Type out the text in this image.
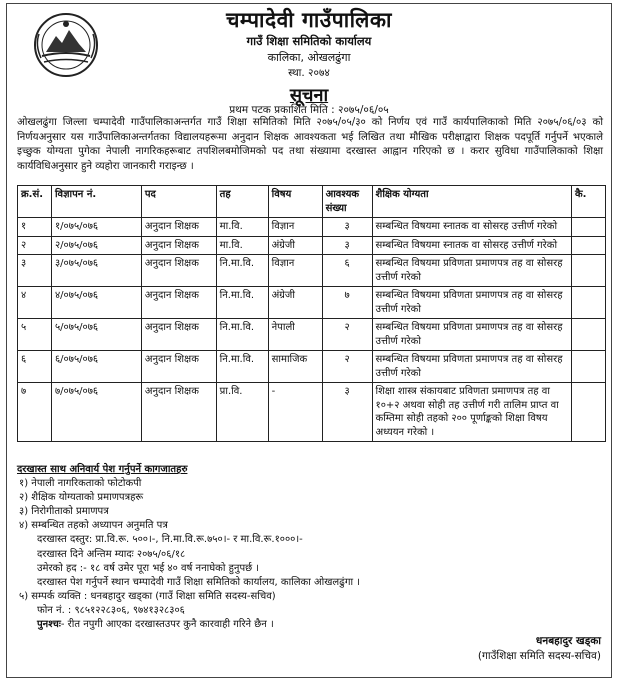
चम्पादेवी गाउँपालिका
गाउँ शिक्षा समितिको कार्यालय
कालिका, ओखलढुंगा
स्था. २०७४
सूचना
प्रथम पटक प्रकाशित मिति : २०७५/०६/०५
ओखलढुंगा जिल्ला चम्पादेवी गाउँपालिकाअन्तर्गत गाउँ शिक्षा समितिको मिति २०७५/०५/३० को निर्णय एवं गाउँ कार्यपालिकाको मिति २०७५/०६/०३ को निर्णयअनुसार यस गाउँपालिकाअन्तर्गतका विद्यालयहरूमा अनुदान शिक्षक आवश्यकता भई लिखित तथा मौखिक परीक्षाद्वारा शिक्षक पदपूर्ति गर्नुपर्ने भएकाले इच्छुक योग्यता पुगेका नेपाली नागरिकहरूबाट तपशिलबमोजिमको पद तथा संख्यामा दरखास्त आह्वान गरिएको छ । करार सुविधा गाउँपालिकाको शिक्षा कार्यविधिअनुसार हुने व्यहोरा जानकारी गराइन्छ ।
क्र.सं.	विज्ञापन नं.	पद	तह	विषय	आवश्यक संख्या	शैक्षिक योग्यता	कै.
१	१/०७५/०७६	अनुदान शिक्षक	मा.वि.	विज्ञान	३	सम्बन्धित विषयमा स्नातक वा सोसरह उत्तीर्ण गरेको	
२	२/०७५/०७६	अनुदान शिक्षक	मा.वि.	अंग्रेजी	३	सम्बन्धित विषयमा स्नातक वा सोसरह उत्तीर्ण गरेको	
३	३/०७५/०७६	अनुदान शिक्षक	नि.मा.वि.	विज्ञान	६	सम्बन्धित विषयमा प्रविणता प्रमाणपत्र तह वा सोसरह उत्तीर्ण गरेको	
४	४/०७५/०७६	अनुदान शिक्षक	नि.मा.वि.	अंग्रेजी	७	सम्बन्धित विषयमा प्रविणता प्रमाणपत्र तह वा सोसरह उत्तीर्ण गरेको	
५	५/०७५/०७६	अनुदान शिक्षक	नि.मा.वि.	नेपाली	२	सम्बन्धित विषयमा प्रविणता प्रमाणपत्र तह वा सोसरह उत्तीर्ण गरेको	
६	६/०७५/०७६	अनुदान शिक्षक	नि.मा.वि.	सामाजिक	२	सम्बन्धित विषयमा प्रविणता प्रमाणपत्र तह वा सोसरह उत्तीर्ण गरेको	
७	७/०७५/०७६	अनुदान शिक्षक	प्रा.वि.	-	३	शिक्षा शास्त्र संकायबाट प्रविणता प्रमाणपत्र तह वा १०+२ अथवा सोही तह उत्तीर्ण गरी तालिम प्राप्त वा कम्तिमा सोही तहको २०० पूर्णाङ्कको शिक्षा विषय अध्ययन गरेको ।	
दरखास्त साथ अनिवार्य पेश गर्नुपर्ने कागजातहरु
१) नेपाली नागरिकताको फोटोकपी
२) शैक्षिक योग्यताको प्रमाणपत्रहरू
३) निरोगीताको प्रमाणपत्र
४) सम्बन्धित तहको अध्यापन अनुमति पत्र
दरखास्त दस्तुर: प्रा.वि.रू. ५००।-, नि.मा.वि.रू.७५०।- र मा.वि.रू.१०००।-
दरखास्त दिने अन्तिम म्यादः २०७५/०६/१८
उमेरको हद :- १८ वर्ष उमेर पूरा भई ४० वर्ष ननाघेको हुनुपर्छ ।
दरखास्त पेश गर्नुपर्ने स्थान चम्पादेवी गाउँ शिक्षा समितिको कार्यालय, कालिका ओखलढुंगा ।
५) सम्पर्क व्यक्ति : धनबहादुर खड्का (गाउँ शिक्षा समिति सदस्य-सचिव)
फोन नं. : ९८५१२२८३०६, ९७४१३२८३०६
पुनश्चः- रीत नपुगी आएका दरखास्तउपर कुनै कारवाही गरिने छैन ।
धनबहादुर खड्का
(गाउँशिक्षा समिति सदस्य-सचिव)
